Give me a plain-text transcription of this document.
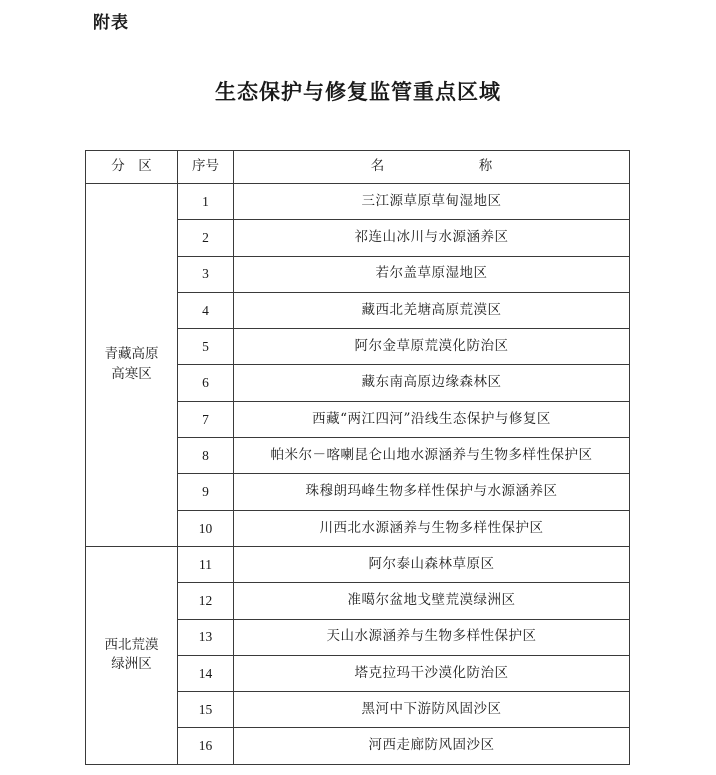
附表
生态保护与修复监管重点区域
分　区	序号	名　　　　　　　称

青藏高原
高寒区	1	三江源草原草甸湿地区
	2	祁连山冰川与水源涵养区
	3	若尔盖草原湿地区
	4	藏西北羌塘高原荒漠区
	5	阿尔金草原荒漠化防治区
	6	藏东南高原边缘森林区
	7	西藏“两江四河”沿线生态保护与修复区
	8	帕米尔－喀喇昆仑山地水源涵养与生物多样性保护区
	9	珠穆朗玛峰生物多样性保护与水源涵养区
	10	川西北水源涵养与生物多样性保护区

西北荒漠
绿洲区	11	阿尔泰山森林草原区
	12	准噶尔盆地戈壁荒漠绿洲区
	13	天山水源涵养与生物多样性保护区
	14	塔克拉玛干沙漠化防治区
	15	黑河中下游防风固沙区
	16	河西走廊防风固沙区
